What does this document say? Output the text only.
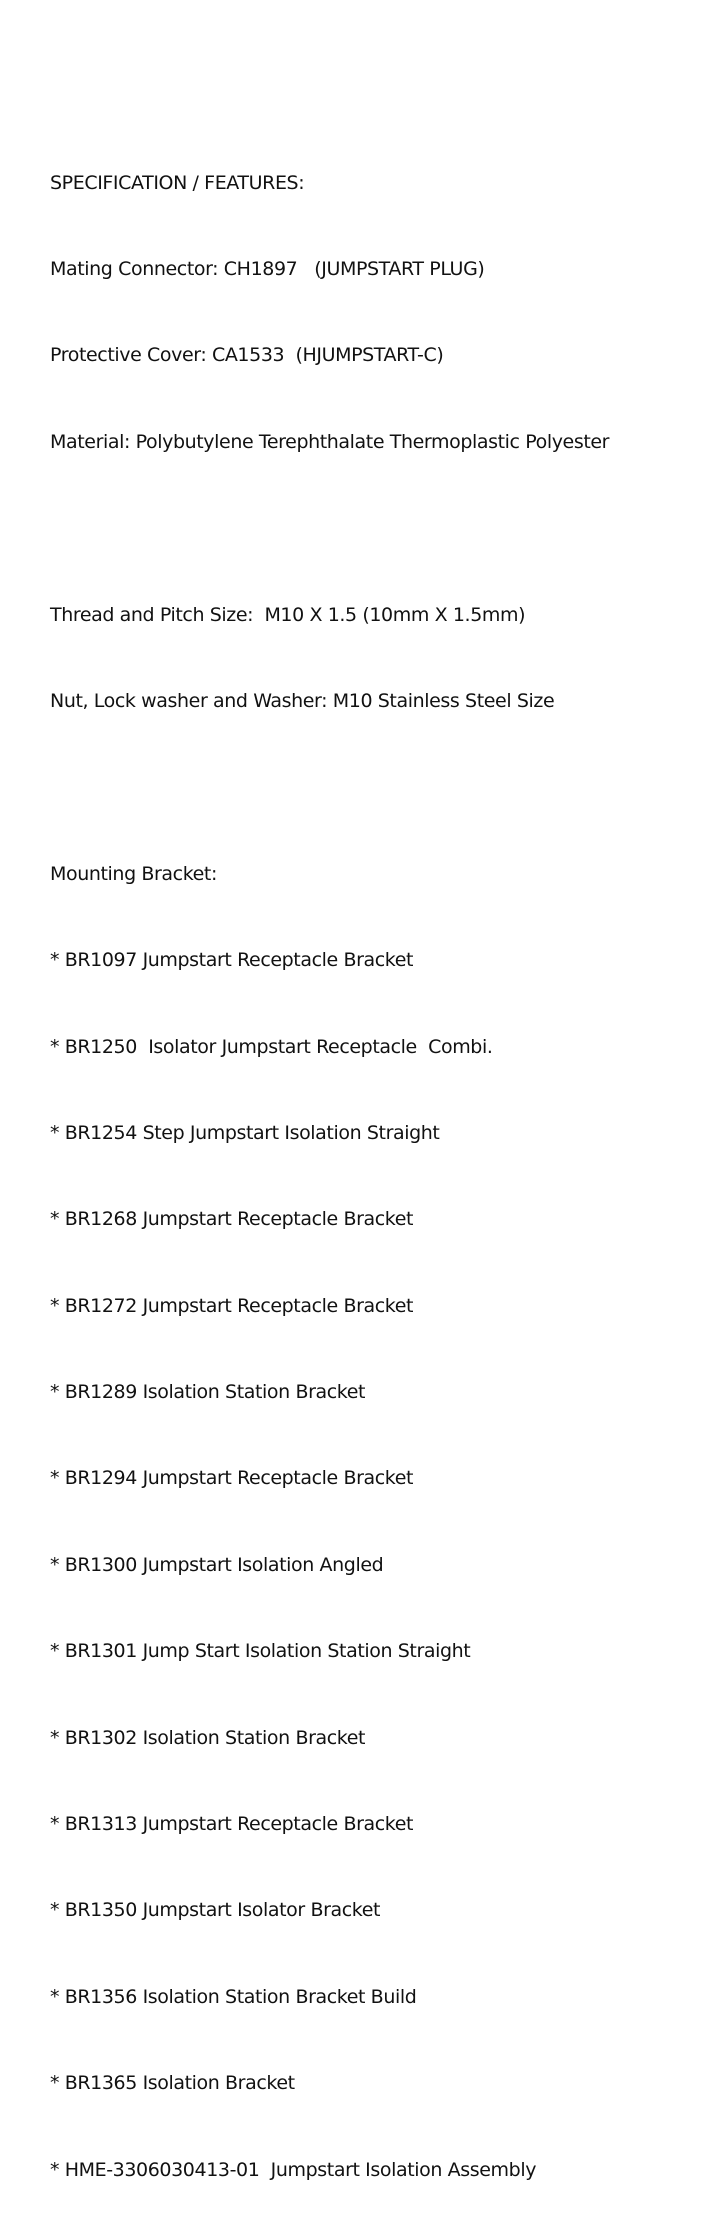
SPECIFICATION / FEATURES:

Mating Connector: CH1897   (JUMPSTART PLUG)

Protective Cover: CA1533  (HJUMPSTART-C)

Material: Polybutylene Terephthalate Thermoplastic Polyester

Thread and Pitch Size:  M10 X 1.5 (10mm X 1.5mm)

Nut, Lock washer and Washer: M10 Stainless Steel Size

Mounting Bracket:

* BR1097 Jumpstart Receptacle Bracket

* BR1250  Isolator Jumpstart Receptacle  Combi.

* BR1254 Step Jumpstart Isolation Straight

* BR1268 Jumpstart Receptacle Bracket

* BR1272 Jumpstart Receptacle Bracket

* BR1289 Isolation Station Bracket

* BR1294 Jumpstart Receptacle Bracket

* BR1300 Jumpstart Isolation Angled

* BR1301 Jump Start Isolation Station Straight

* BR1302 Isolation Station Bracket

* BR1313 Jumpstart Receptacle Bracket

* BR1350 Jumpstart Isolator Bracket

* BR1356 Isolation Station Bracket Build

* BR1365 Isolation Bracket

* HME-3306030413-01  Jumpstart Isolation Assembly
